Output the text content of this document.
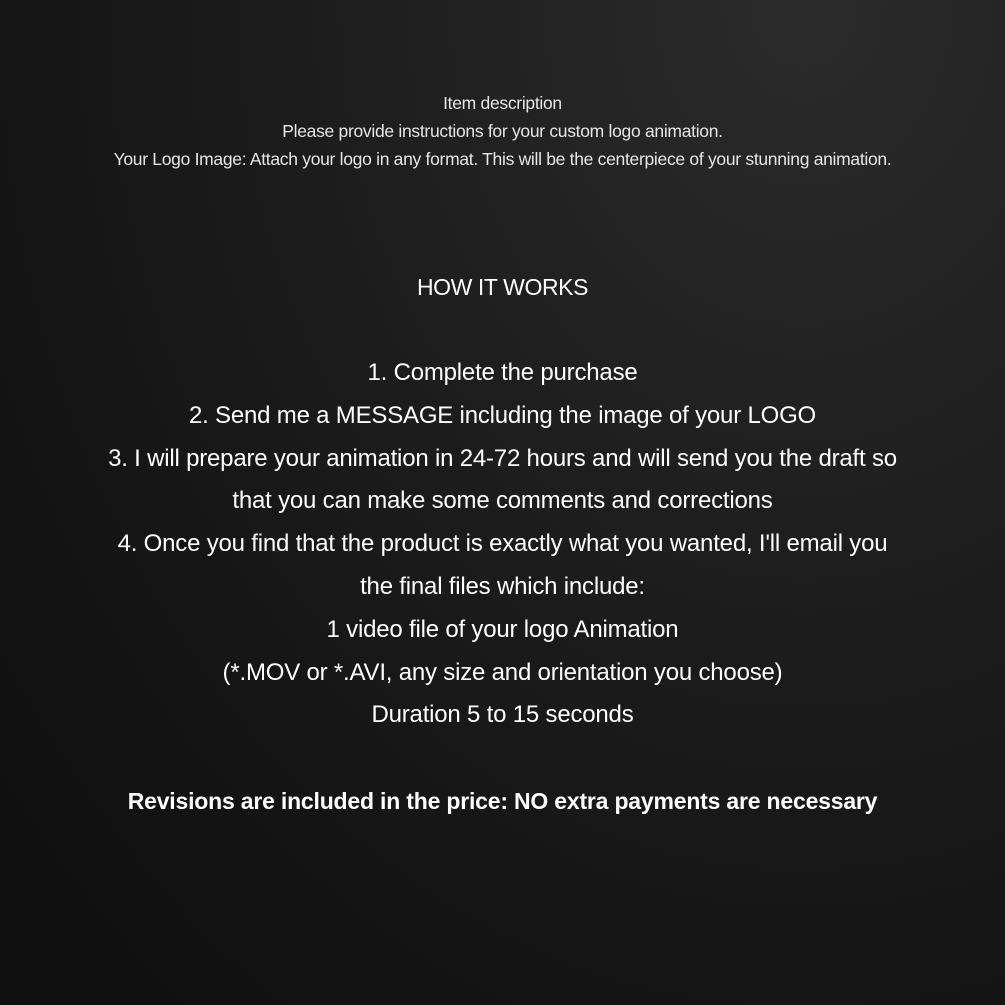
Item description
Please provide instructions for your custom logo animation.
Your Logo Image: Attach your logo in any format. This will be the centerpiece of your stunning animation.
HOW IT WORKS
1. Complete the purchase
2. Send me a MESSAGE including the image of your LOGO
3. I will prepare your animation in 24-72 hours and will send you the draft so
that you can make some comments and corrections
4. Once you find that the product is exactly what you wanted, I'll email you
the final files which include:
1 video file of your logo Animation
(*.MOV or *.AVI, any size and orientation you choose)
Duration 5 to 15 seconds
Revisions are included in the price: NO extra payments are necessary
